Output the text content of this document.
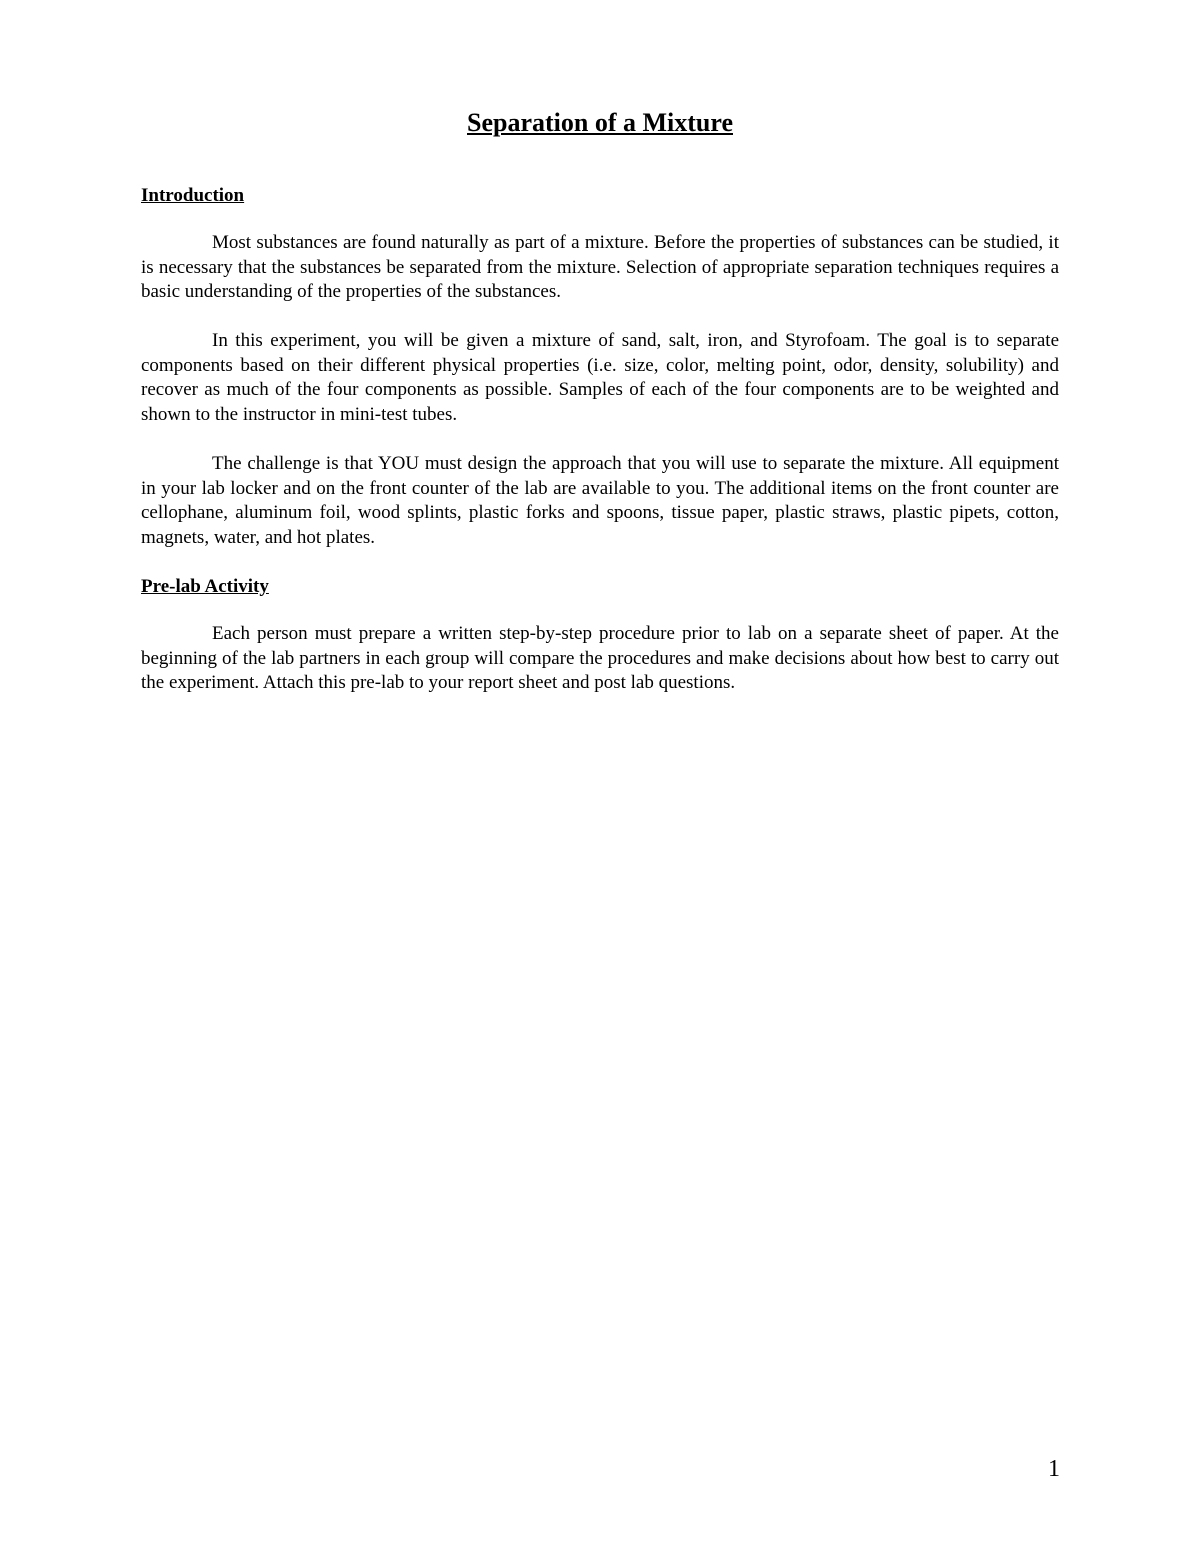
Separation of a Mixture
Introduction

Most substances are found naturally as part of a mixture. Before the properties of substances can be studied, it is necessary that the substances be separated from the mixture. Selection of appropriate separation techniques requires a basic understanding of the properties of the substances.

In this experiment, you will be given a mixture of sand, salt, iron, and Styrofoam. The goal is to separate components based on their different physical properties (i.e. size, color, melting point, odor, density, solubility) and recover as much of the four components as possible. Samples of each of the four components are to be weighted and shown to the instructor in mini-test tubes.

The challenge is that YOU must design the approach that you will use to separate the mixture. All equipment in your lab locker and on the front counter of the lab are available to you. The additional items on the front counter are cellophane, aluminum foil, wood splints, plastic forks and spoons, tissue paper, plastic straws, plastic pipets, cotton, magnets, water, and hot plates.

Pre-lab Activity

Each person must prepare a written step-by-step procedure prior to lab on a separate sheet of paper. At the beginning of the lab partners in each group will compare the procedures and make decisions about how best to carry out the experiment. Attach this pre-lab to your report sheet and post lab questions.

1
